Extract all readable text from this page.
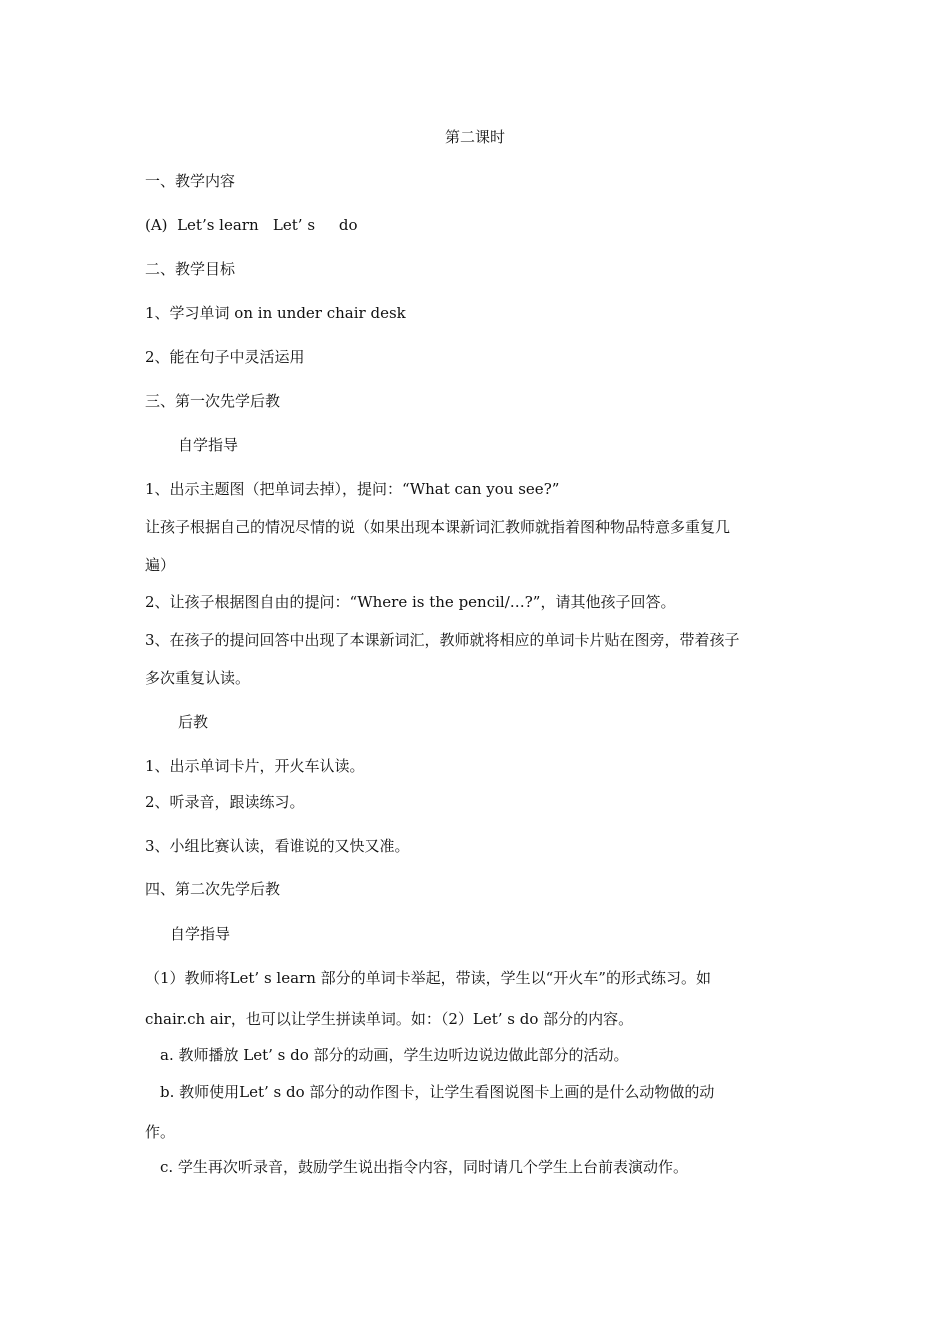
第二课时
一、教学内容
(A)  Let’s learn   Let’ s     do
二、教学目标
1、学习单词 on in under chair desk
2、能在句子中灵活运用
三、第一次先学后教
自学指导
1、出示主题图（把单词去掉），提问：“What can you see?”
让孩子根据自己的情况尽情的说（如果出现本课新词汇教师就指着图种物品特意多重复几
遍）
2、让孩子根据图自由的提问：“Where is the pencil/…?”，请其他孩子回答。
3、在孩子的提问回答中出现了本课新词汇，教师就将相应的单词卡片贴在图旁，带着孩子
多次重复认读。
后教
1、出示单词卡片，开火车认读。
2、听录音，跟读练习。
3、小组比赛认读，看谁说的又快又准。
四、第二次先学后教
自学指导
（1）教师将Let’ s learn 部分的单词卡举起，带读，学生以“开火车”的形式练习。如
chair.ch air，也可以让学生拼读单词。如：（2）Let’ s do 部分的内容。
a. 教师播放 Let’ s do 部分的动画，学生边听边说边做此部分的活动。
b. 教师使用Let’ s do 部分的动作图卡，让学生看图说图卡上画的是什么动物做的动
作。
c. 学生再次听录音，鼓励学生说出指令内容，同时请几个学生上台前表演动作。
